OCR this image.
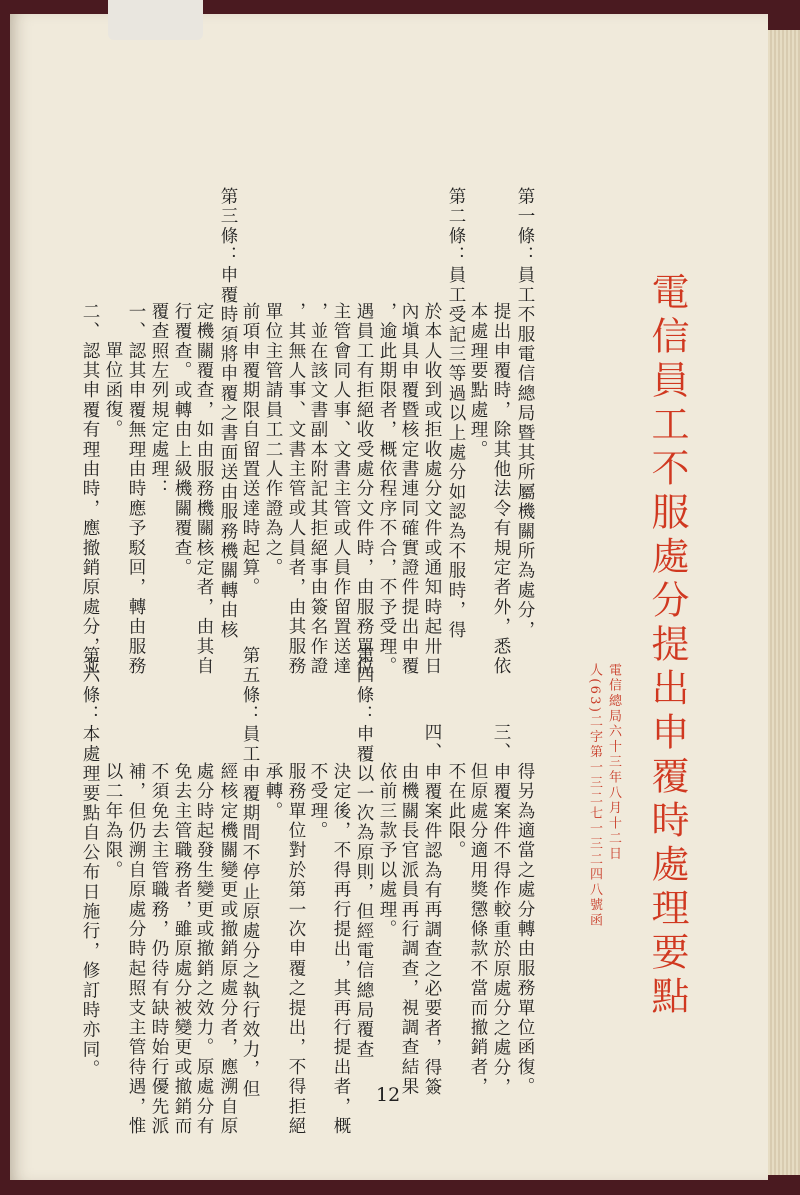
電信員工不服處分提出申覆時處理要點
電信總局六十三年八月十二日
人(63)二字第一三二七一三二四八號函
第一條：員工不服電信總局暨其所屬機關所為處分，
提出申覆時，除其他法令有規定者外，悉依
本處理要點處理。
第二條：員工受記三等過以上處分如認為不服時，得
於本人收到或拒收處分文件或通知時起卅日
內塡具申覆暨核定書連同確實證件提出申覆
，逾此期限者，概依程序不合，不予受理。
遇員工有拒絕收受處分文件時，由服務單位
主管會同人事、文書主管或人員作留置送達
，並在該文書副本附記其拒絕事由簽名作證
，其無人事、文書主管或人員者，由其服務
單位主管請員工二人作證為之。
前項申覆期限自留置送達時起算。
第三條：申覆時須將申覆之書面送由服務機關轉由核
定機關覆查，如由服務機關核定者，由其自
行覆查。或轉由上級機關覆查。
覆查照左列規定處理：
一、認其申覆無理由時應予駁回，轉由服務
單位函復。
二、認其申覆有理由時，應撤銷原處分，並
得另為適當之處分轉由服務單位函復。
三、申覆案件不得作較重於原處分之處分，
但原處分適用獎懲條款不當而撤銷者，
不在此限。
四、申覆案件認為有再調查之必要者，得簽
由機關長官派員再行調查，視調查結果
依前三款予以處理。
第四條：申覆以一次為原則，但經電信總局覆查
決定後，不得再行提出，其再行提出者，概
不受理。
服務單位對於第一次申覆之提出，不得拒絕
承轉。
第五條：員工申覆期間不停止原處分之執行效力，但
經核定機關變更或撤銷原處分者，應溯自原
處分時起發生變更或撤銷之效力。原處分有
免去主管職務者，雖原處分被變更或撤銷而
不須免去主管職務，仍待有缺時始行優先派
補，但仍溯自原處分時起照支主管待遇，惟
以二年為限。
第六條：本處理要點自公布日施行，修訂時亦同。
12
